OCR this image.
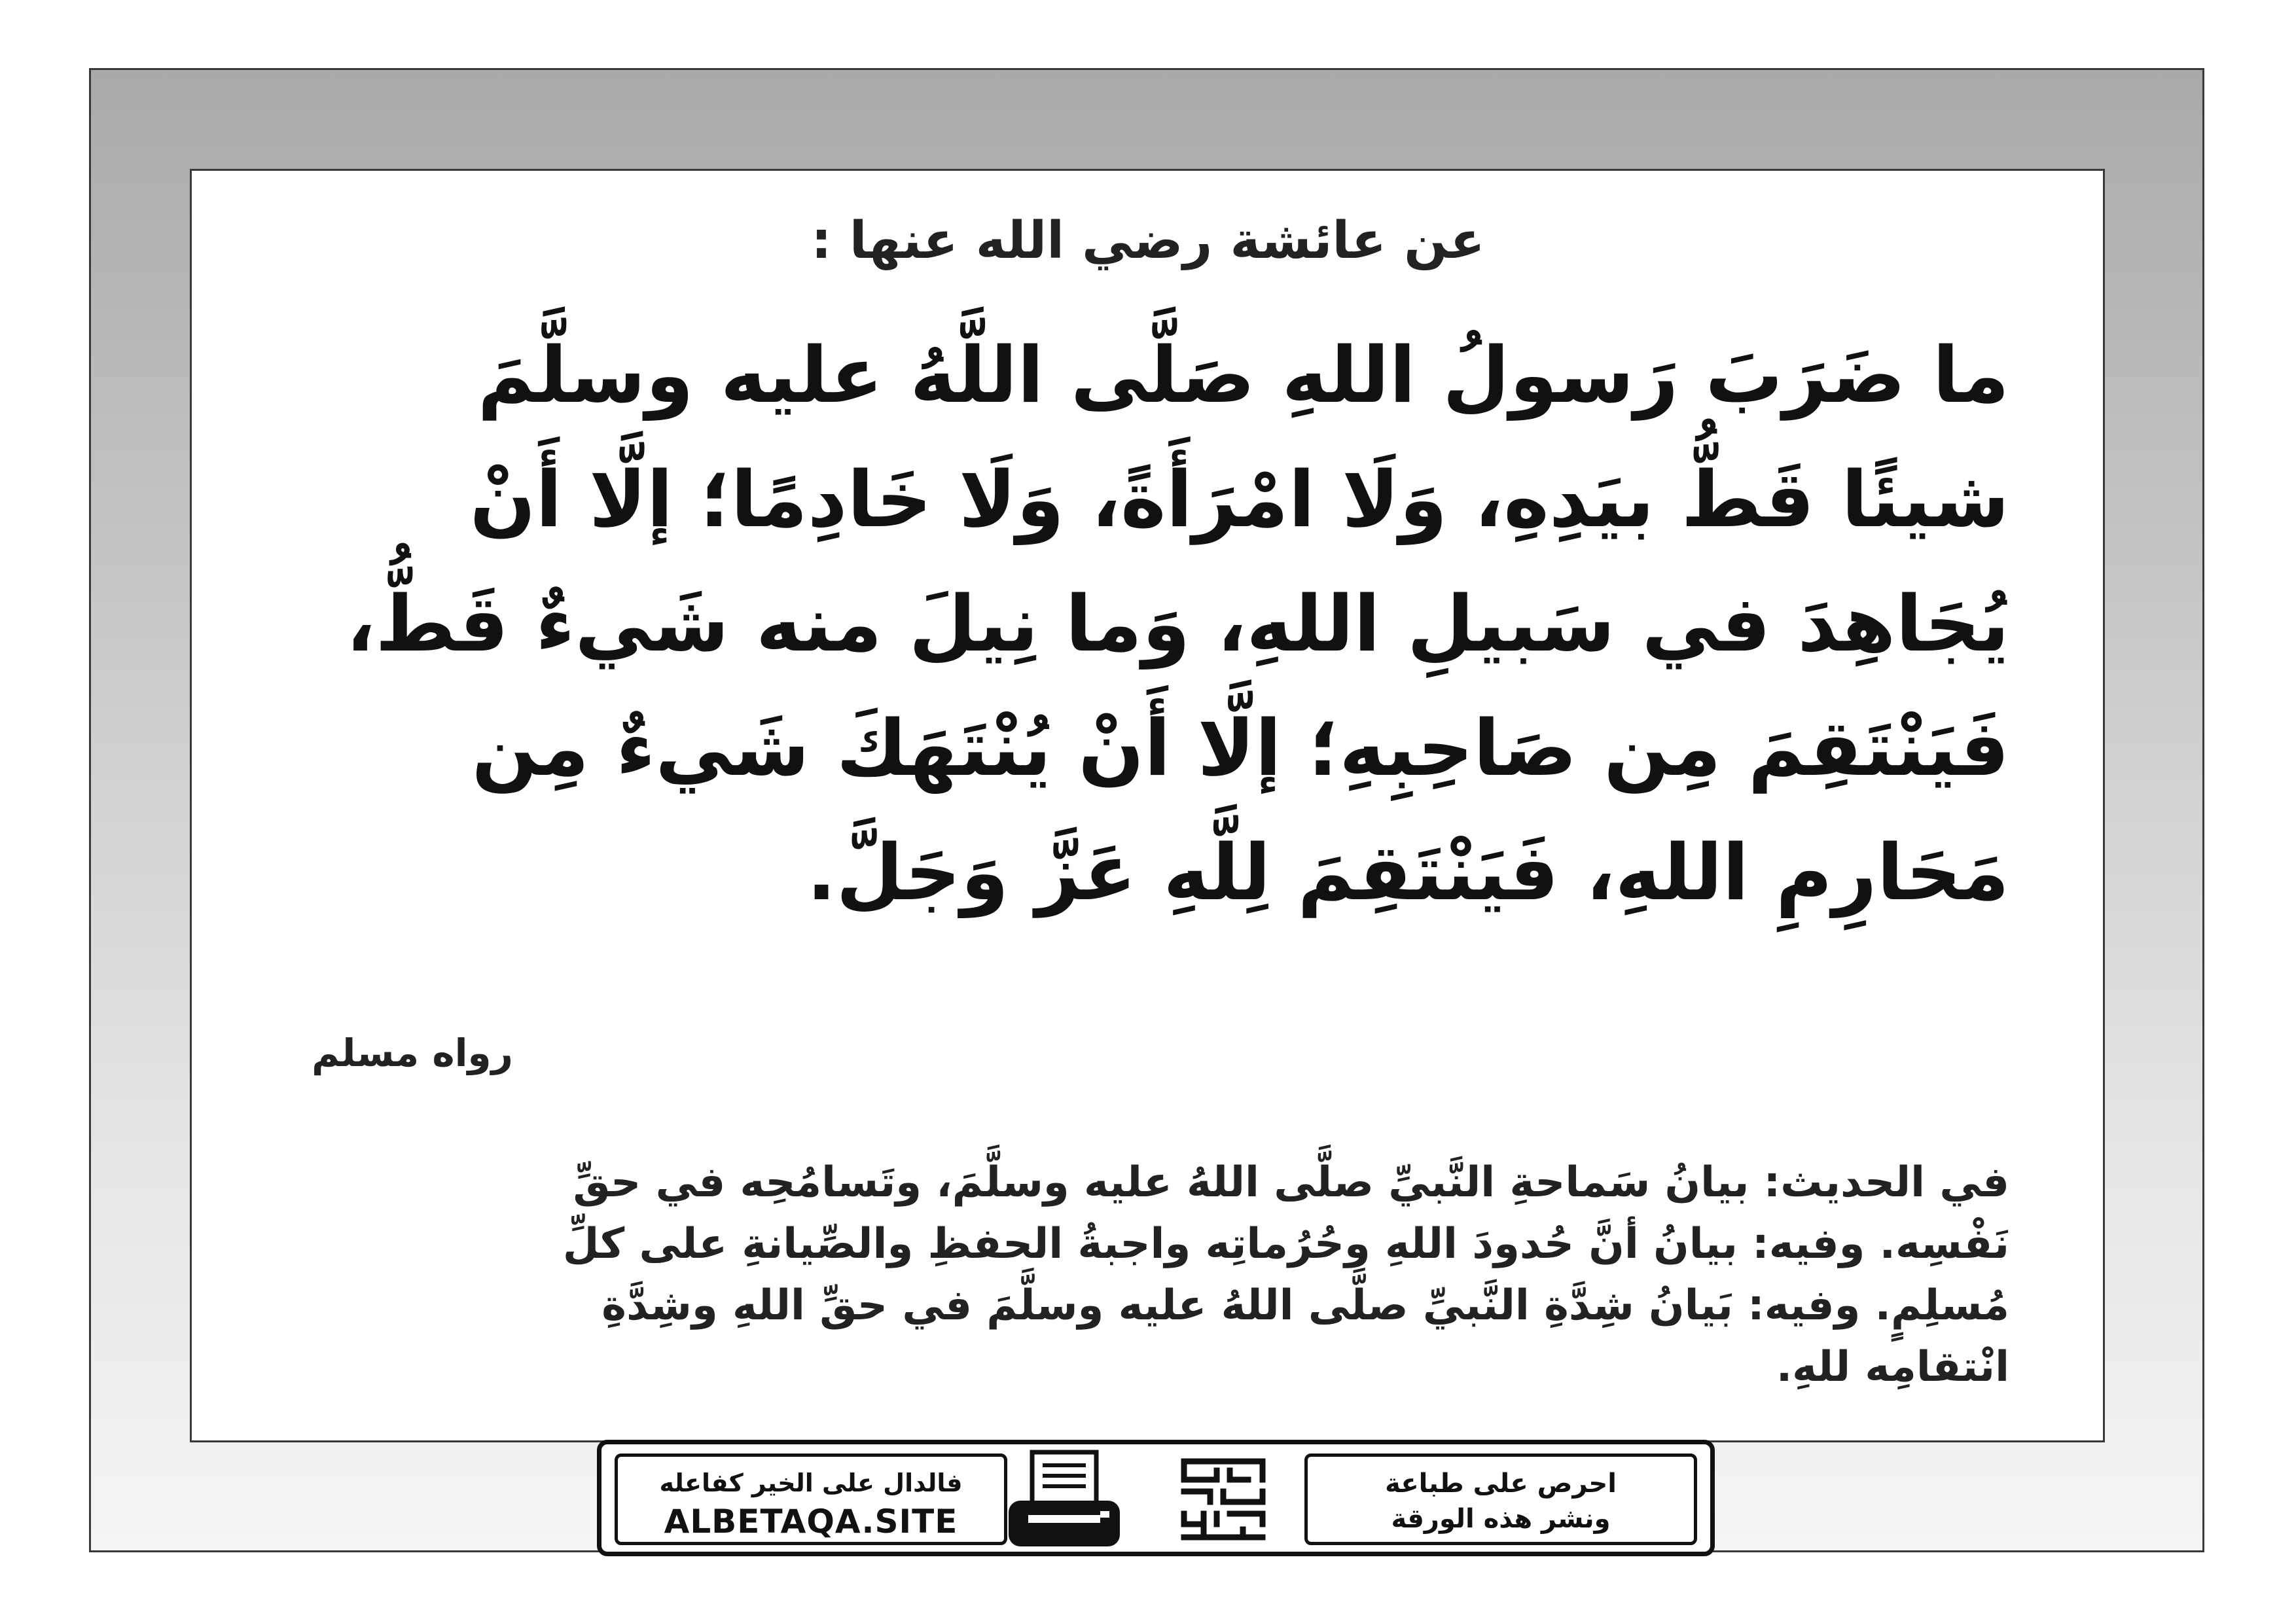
عن عائشة رضي الله عنها :
ما ضَرَبَ رَسولُ اللهِ صَلَّى اللَّهُ عليه وسلَّمَ
شيئًا قَطُّ بيَدِهِ، وَلَا امْرَأَةً، وَلَا خَادِمًا؛ إلَّا أَنْ
يُجَاهِدَ في سَبيلِ اللهِ، وَما نِيلَ منه شَيءٌ قَطُّ،
فَيَنْتَقِمَ مِن صَاحِبِهِ؛ إلَّا أَنْ يُنْتَهَكَ شَيءٌ مِن
مَحَارِمِ اللهِ، فَيَنْتَقِمَ لِلَّهِ عَزَّ وَجَلَّ.
رواه مسلم
في الحديث: بيانُ سَماحةِ النَّبيِّ صلَّى اللهُ عليه وسلَّمَ، وتَسامُحِه في حقِّ
نَفْسِه. وفيه: بيانُ أنَّ حُدودَ اللهِ وحُرُماتِه واجبةُ الحفظِ والصِّيانةِ على كلِّ
مُسلِمٍ. وفيه: بَيانُ شِدَّةِ النَّبيِّ صلَّى اللهُ عليه وسلَّمَ في حقِّ اللهِ وشِدَّةِ
انْتقامِه للهِ.
فالدال على الخير كفاعله
ALBETAQA.SITE
احرص على طباعة
ونشر هذه الورقة
